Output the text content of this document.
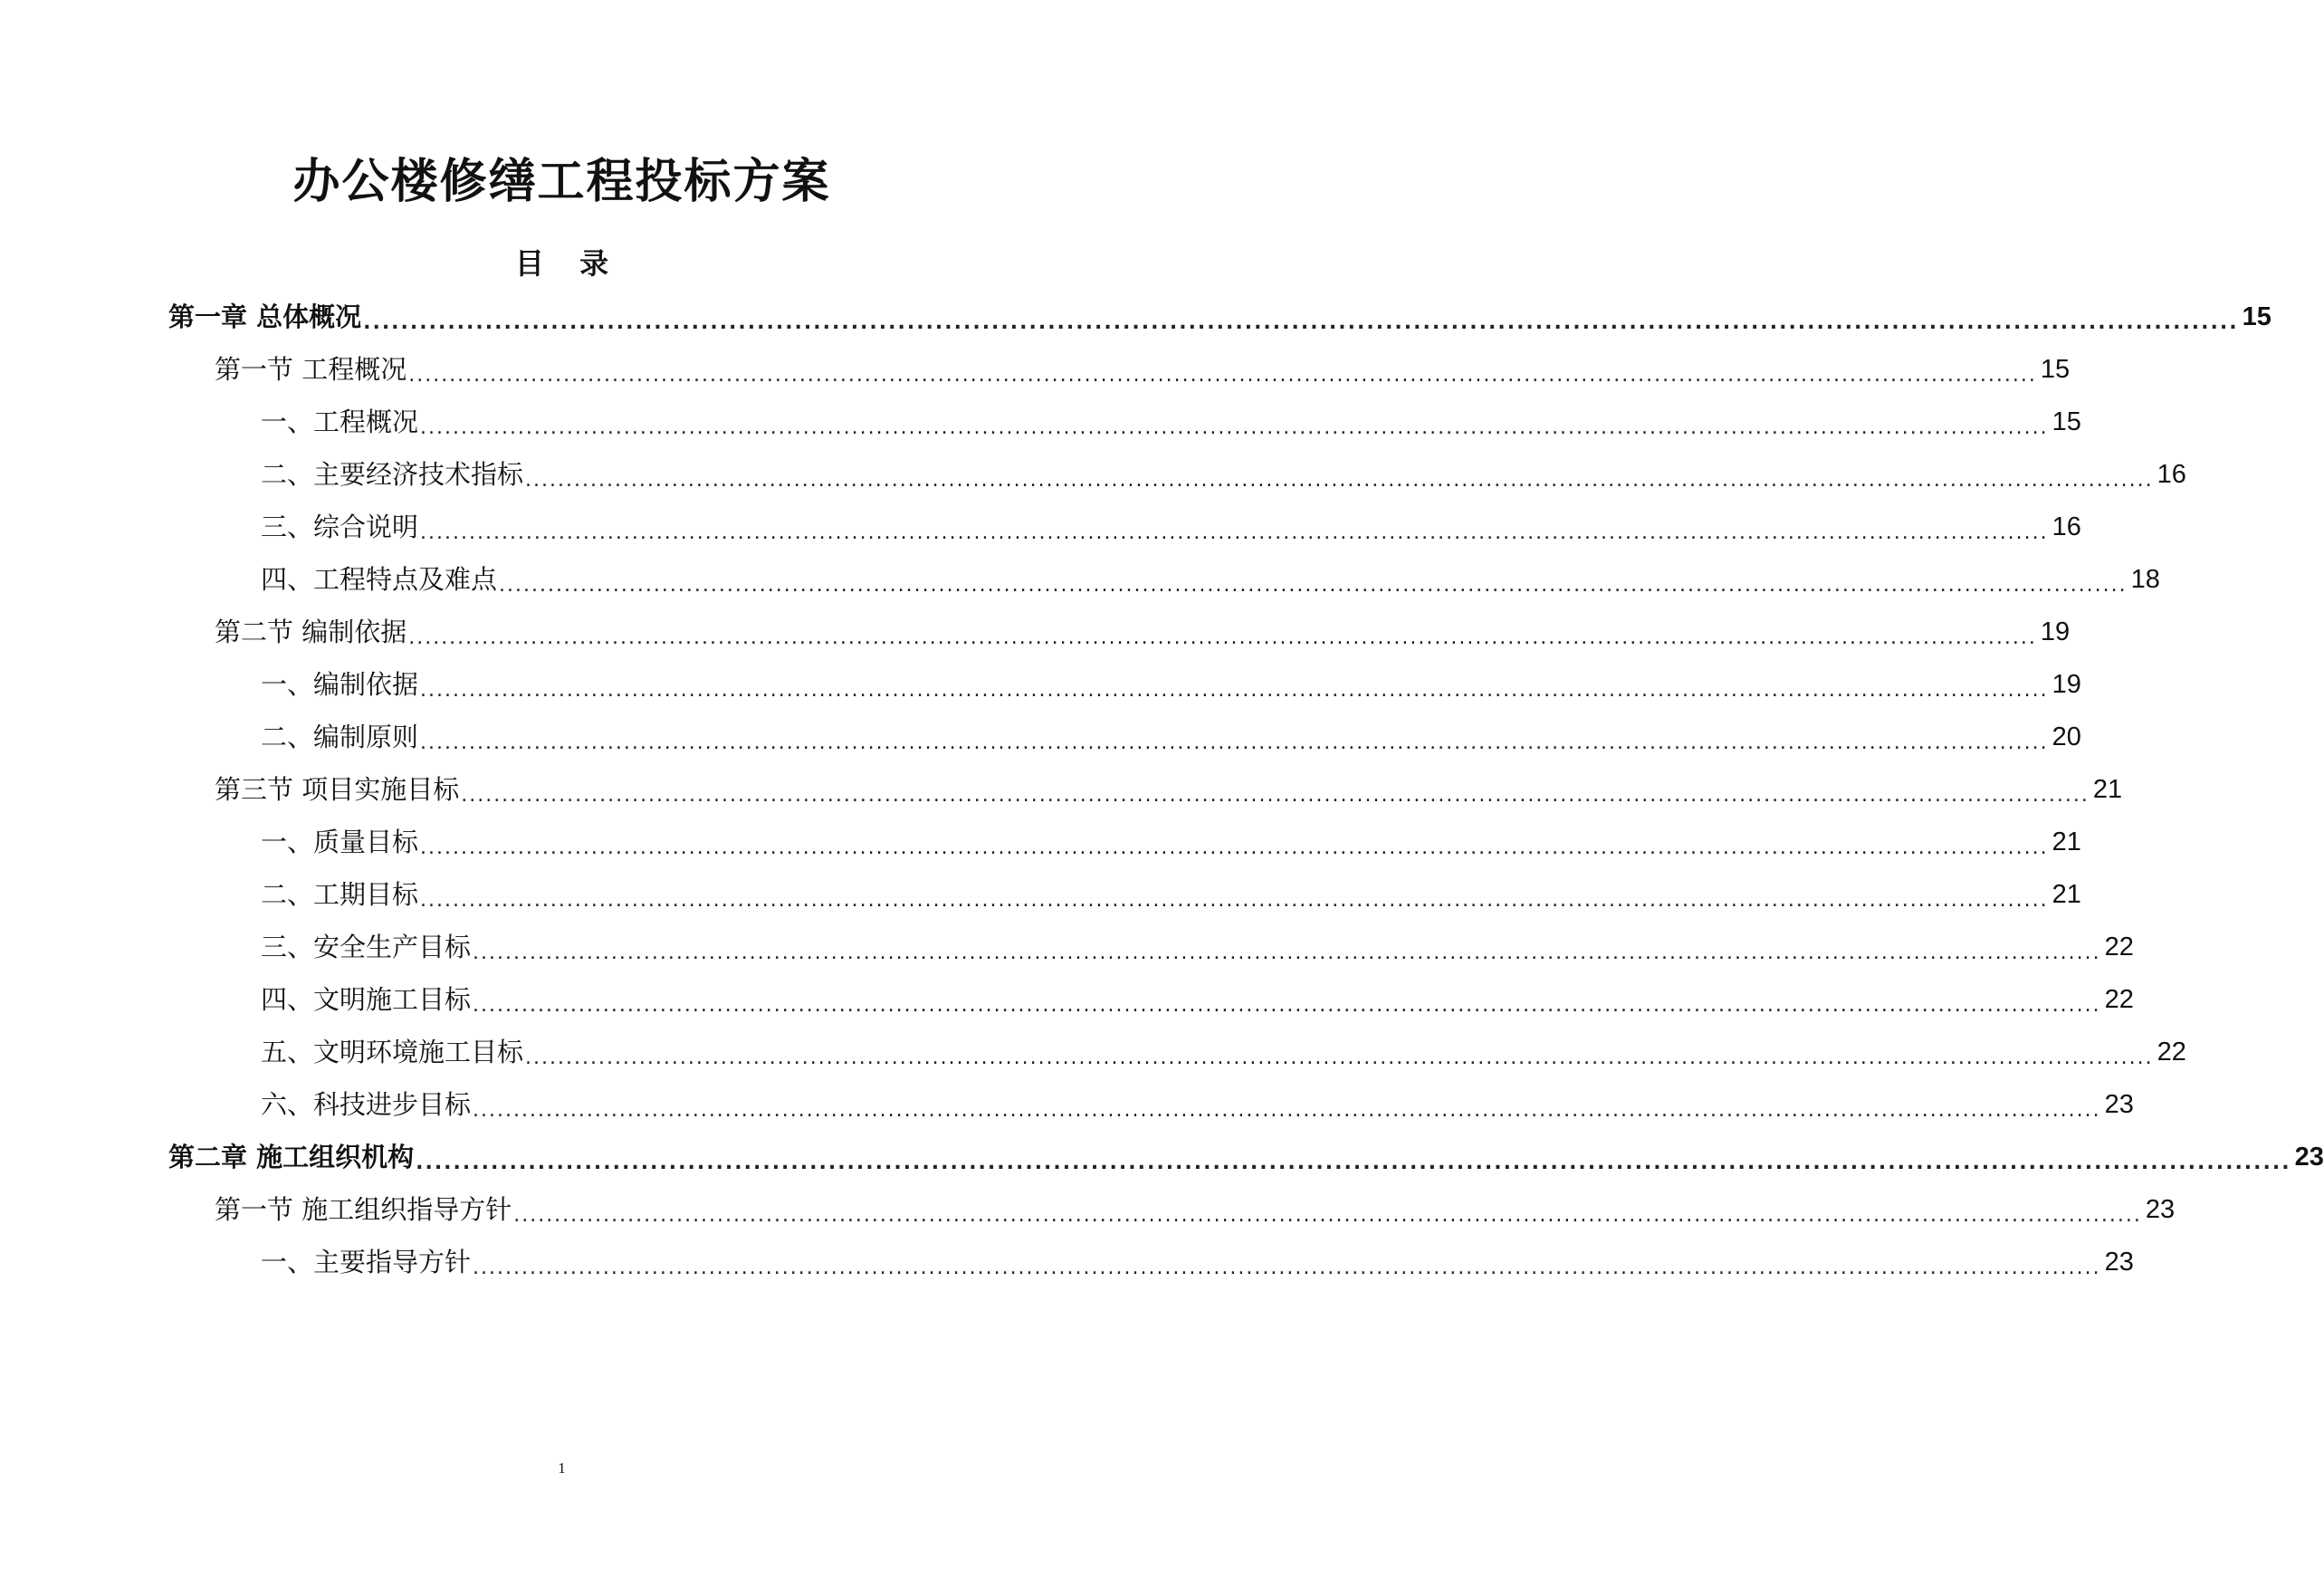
办公楼修缮工程投标方案
目 录
第一章 总体概况 ........................................................................................................................................................................................................ 15
第一节 工程概况 ........................................................................................................................................................................................................ 15
一、工程概况 ........................................................................................................................................................................................................ 15
二、主要经济技术指标 ........................................................................................................................................................................................................ 16
三、综合说明 ........................................................................................................................................................................................................ 16
四、工程特点及难点 ........................................................................................................................................................................................................ 18
第二节 编制依据 ........................................................................................................................................................................................................ 19
一、编制依据 ........................................................................................................................................................................................................ 19
二、编制原则 ........................................................................................................................................................................................................ 20
第三节 项目实施目标 ........................................................................................................................................................................................................ 21
一、质量目标 ........................................................................................................................................................................................................ 21
二、工期目标 ........................................................................................................................................................................................................ 21
三、安全生产目标 ........................................................................................................................................................................................................ 22
四、文明施工目标 ........................................................................................................................................................................................................ 22
五、文明环境施工目标 ........................................................................................................................................................................................................ 22
六、科技进步目标 ........................................................................................................................................................................................................ 23
第二章 施工组织机构 ........................................................................................................................................................................................................ 23
第一节 施工组织指导方针 ........................................................................................................................................................................................................ 23
一、主要指导方针 ........................................................................................................................................................................................................ 23
1
